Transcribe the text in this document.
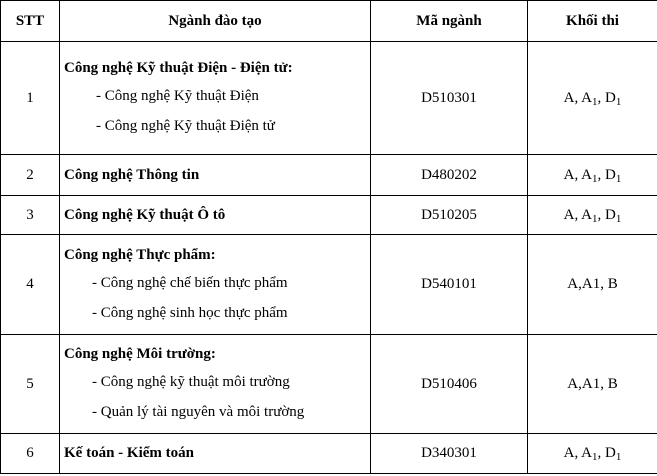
STT	Ngành đào tạo	Mã ngành	Khối thi
1	Công nghệ Kỹ thuật Điện - Điện tử:
- Công nghệ Kỹ thuật Điện
- Công nghệ Kỹ thuật Điện tử	D510301	A, $A_1$, $D_1$
2	Công nghệ Thông tin	D480202	A, $A_1$, $D_1$
3	Công nghệ Kỹ thuật Ô tô	D510205	A, $A_1$, $D_1$
4	Công nghệ Thực phẩm:
- Công nghệ chế biến thực phẩm
- Công nghệ sinh học thực phẩm	D540101	A,A1, B
5	Công nghệ Môi trường:
- Công nghệ kỹ thuật môi trường
- Quản lý tài nguyên và môi trường	D510406	A,A1, B
6	Kế toán - Kiểm toán	D340301	A, $A_1$, $D_1$
